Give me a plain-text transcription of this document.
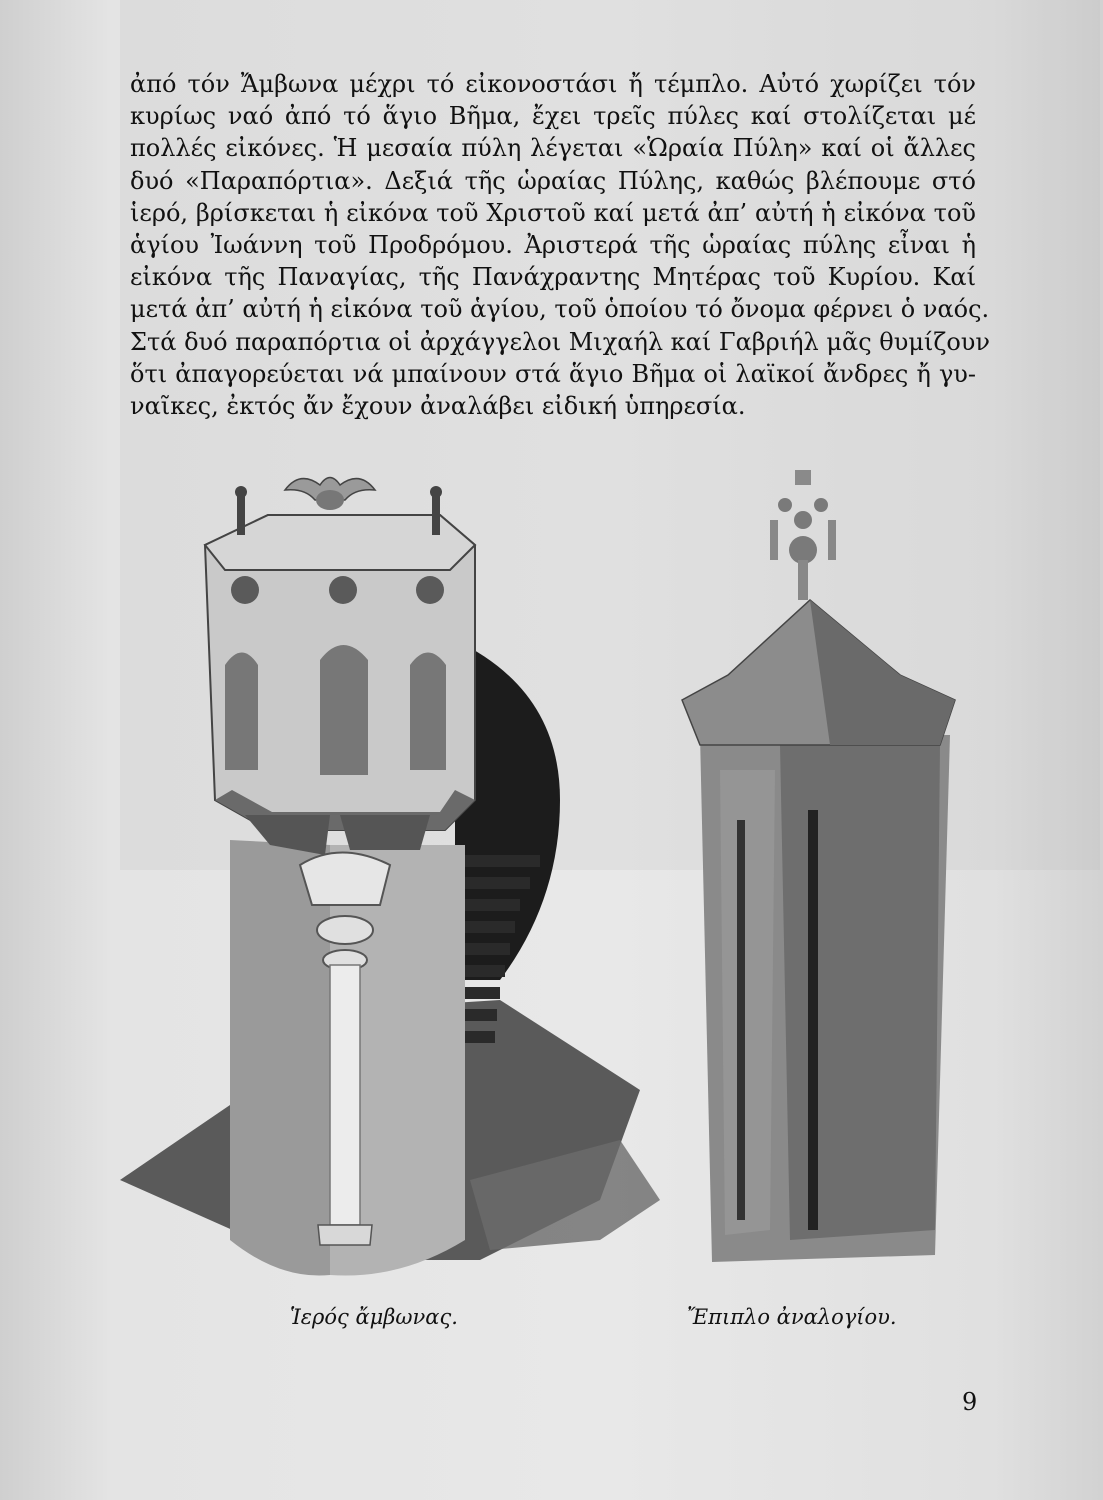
ἀπό τόν Ἄμβωνα μέχρι τό εἰκονοστάσι ἤ τέμπλο. Αὐτό χωρίζει τόν
κυρίως ναό ἀπό τό ἅγιο Βῆμα, ἔχει τρεῖς πύλες καί στολίζεται μέ
πολλές εἰκόνες. Ἡ μεσαία πύλη λέγεται «Ὡραία Πύλη» καί οἱ ἄλλες
δυό «Παραπόρτια». Δεξιά τῆς ὡραίας Πύλης, καθώς βλέπουμε στό
ἱερό, βρίσκεται ἡ εἰκόνα τοῦ Χριστοῦ καί μετά ἀπ’ αὐτή ἡ εἰκόνα τοῦ
ἁγίου Ἰωάννη τοῦ Προδρόμου. Ἀριστερά τῆς ὡραίας πύλης εἶναι ἡ
εἰκόνα τῆς Παναγίας, τῆς Πανάχραντης Μητέρας τοῦ Κυρίου. Καί
μετά ἀπ’ αὐτή ἡ εἰκόνα τοῦ ἁγίου, τοῦ ὁποίου τό ὄνομα φέρνει ὁ ναός.
Στά δυό παραπόρτια οἱ ἀρχάγγελοι Μιχαήλ καί Γαβριήλ μᾶς θυμίζουν
ὅτι ἀπαγορεύεται νά μπαίνουν στά ἅγιο Βῆμα οἱ λαϊκοί ἄνδρες ἤ γυ-
ναῖκες, ἐκτός ἄν ἔχουν ἀναλάβει εἰδική ὑπηρεσία.

Ἱερός ἄμβωνας.	Ἔπιπλο ἀναλογίου.

9
